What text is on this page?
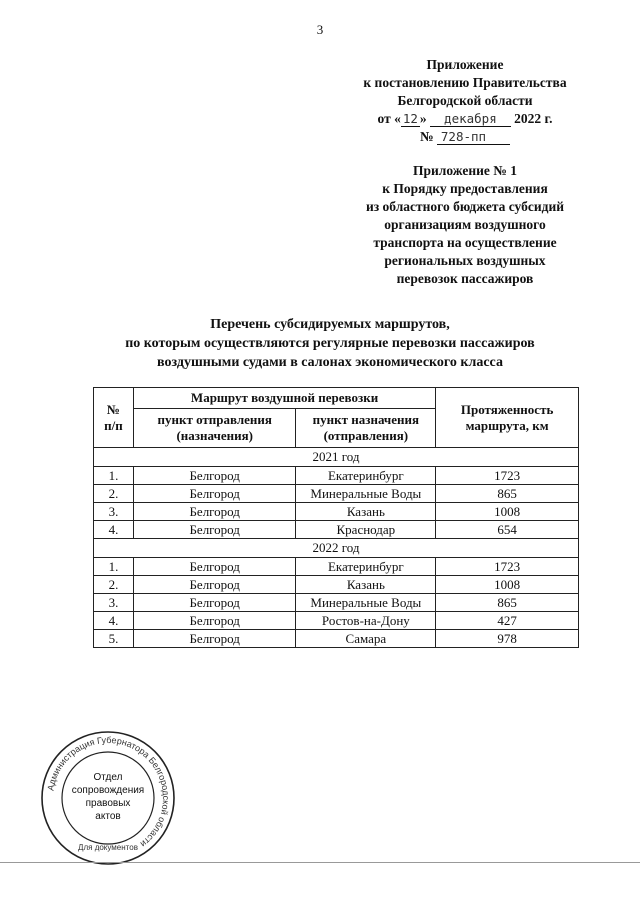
3
Приложение
к постановлению Правительства
Белгородской области
от « 12 » декабря 2022 г.
№ 728-пп
Приложение № 1
к Порядку предоставления
из областного бюджета субсидий
организациям воздушного
транспорта на осуществление
региональных воздушных
перевозок пассажиров
Перечень субсидируемых маршрутов,
по которым осуществляются регулярные перевозки пассажиров
воздушными судами в салонах экономического класса
№ п/п	Маршрут воздушной перевозки		Протяженность маршрута, км
	пункт отправления (назначения)	пункт назначения (отправления)	
2021 год			
1.	Белгород	Екатеринбург	1723
2.	Белгород	Минеральные Воды	865
3.	Белгород	Казань	1008
4.	Белгород	Краснодар	654
2022 год			
1.	Белгород	Екатеринбург	1723
2.	Белгород	Казань	1008
3.	Белгород	Минеральные Воды	865
4.	Белгород	Ростов-на-Дону	427
5.	Белгород	Самара	978
Администрация Губернатора Белгородской области
Для документов
Отдел
сопровождения
правовых
актов
